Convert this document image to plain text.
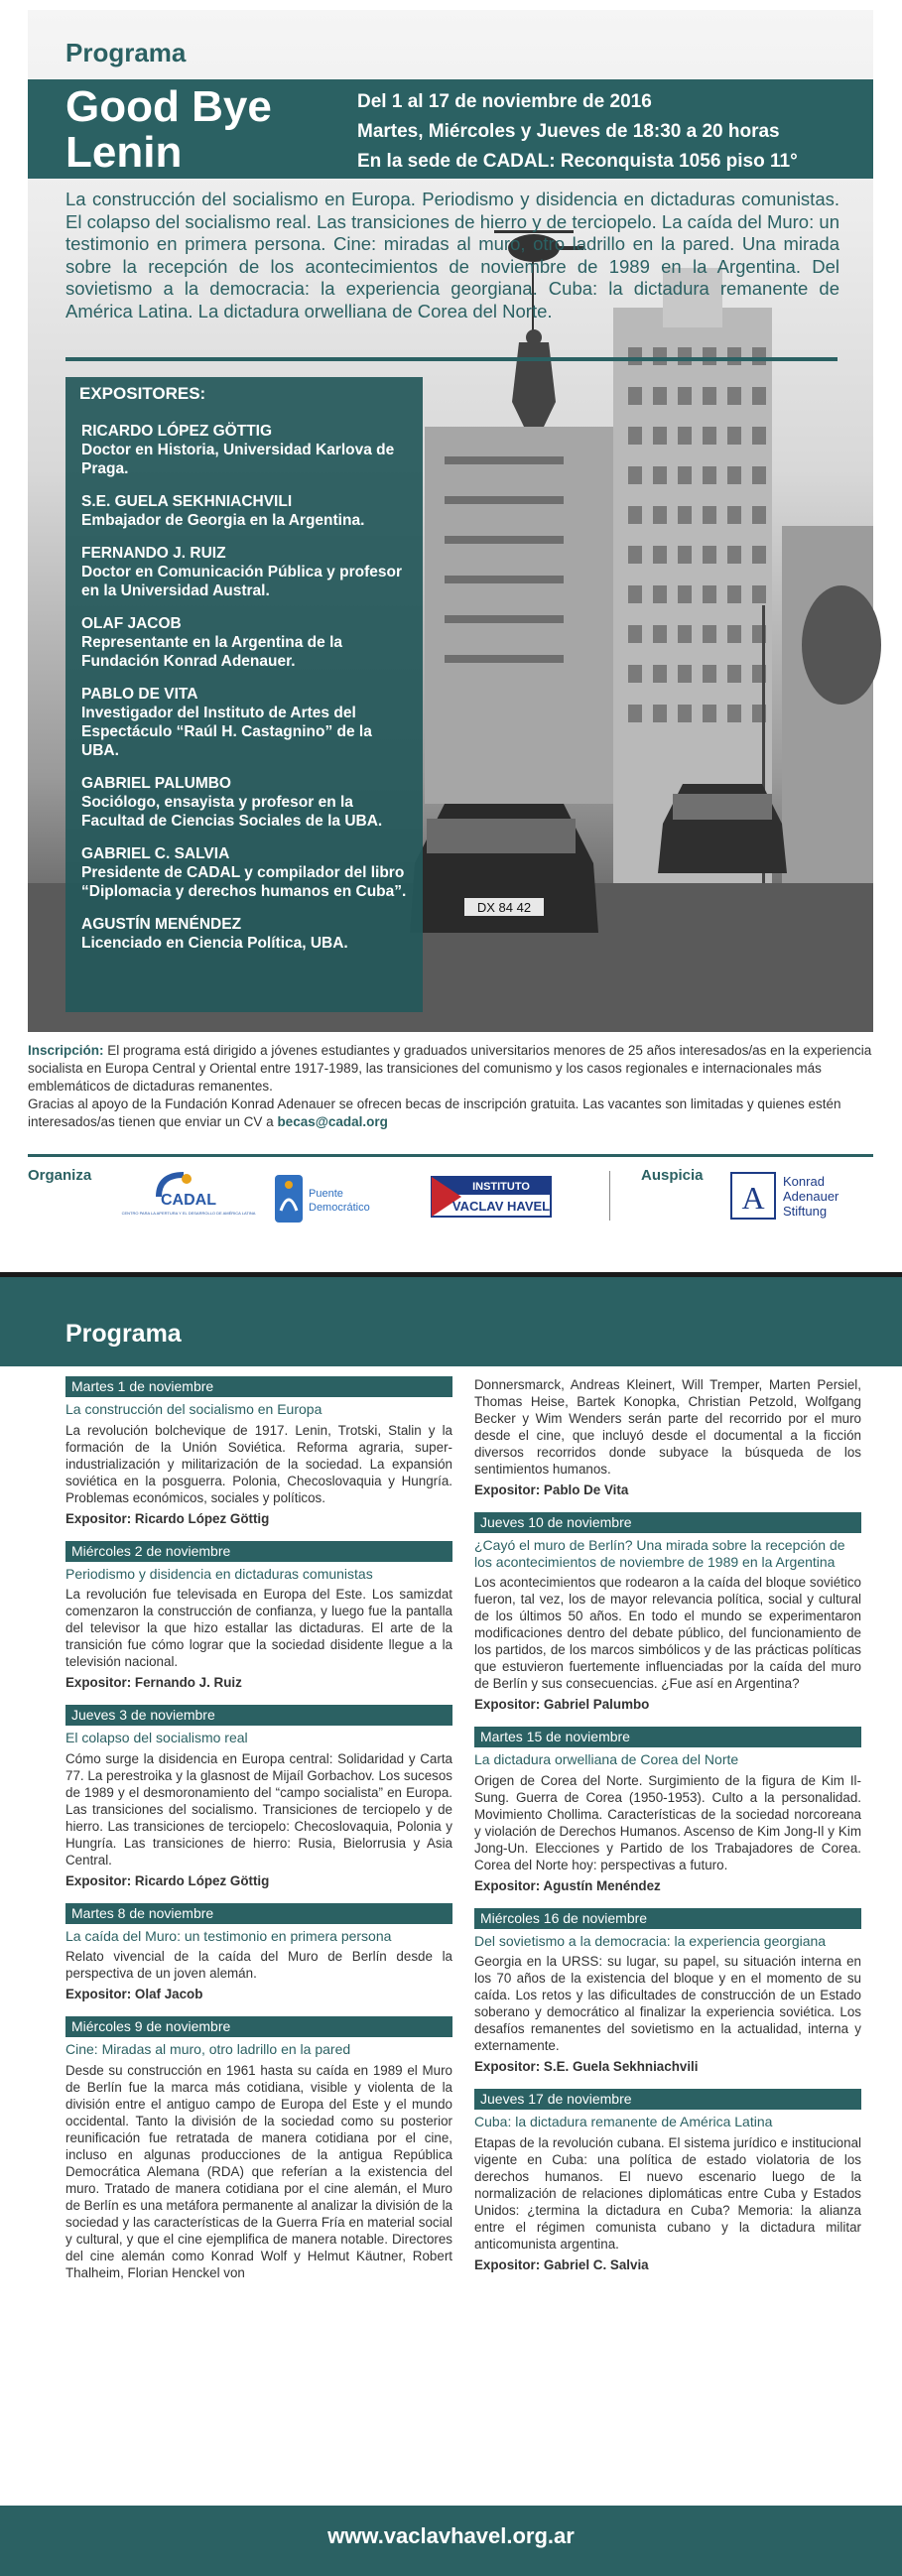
DX 84 42
Programa
Good Bye
Lenin
Del 1 al 17 de noviembre de 2016
Martes, Miércoles y Jueves de 18:30 a 20 horas
En la sede de CADAL: Reconquista 1056 piso 11°
La construcción del socialismo en Europa. Periodismo y disidencia en dictaduras comunistas. El colapso del socialismo real. Las transiciones de hierro y de terciopelo. La caída del Muro: un testimonio en primera persona. Cine: miradas al muro, otro ladrillo en la pared. Una mirada sobre la recepción de los acontecimientos de noviembre de 1989 en la Argentina. Del sovietismo a la democracia: la experiencia georgiana. Cuba: la dictadura remanente de América Latina. La dictadura orwelliana de Corea del Norte.
EXPOSITORES:
RICARDO LÓPEZ GÖTTIG
Doctor en Historia, Universidad Karlova de Praga.
S.E. GUELA SEKHNIACHVILI
Embajador de Georgia en la Argentina.
FERNANDO J. RUIZ
Doctor en Comunicación Pública y profesor en la Universidad Austral.
OLAF JACOB
Representante en la Argentina de la Fundación Konrad Adenauer.
PABLO DE VITA
Investigador del Instituto de Artes del Espectáculo “Raúl H. Castagnino” de la UBA.
GABRIEL PALUMBO
Sociólogo, ensayista y profesor en la Facultad de Ciencias Sociales de la UBA.
GABRIEL C. SALVIA
Presidente de CADAL y compilador del libro “Diplomacia y derechos humanos en Cuba”.
AGUSTÍN MENÉNDEZ
Licenciado en Ciencia Política, UBA.
Inscripción: El programa está dirigido a jóvenes estudiantes y graduados universitarios menores de 25 años interesados/as en la experiencia socialista en Europa Central y Oriental entre 1917-1989, las transiciones del comunismo y los casos regionales e internacionales más emblemáticos de dictaduras remanentes.
Gracias al apoyo de la Fundación Konrad Adenauer se ofrecen becas de inscripción gratuita. Las vacantes son limitadas y quienes estén interesados/as tienen que enviar un CV a becas@cadal.org
Organiza	Auspicia
CADAL
CENTRO PARA LA APERTURA Y EL DESARROLLO DE AMÉRICA LATINA
Puente
Democrático
INSTITUTO
VACLAV HAVEL	A Konrad
Adenauer
Stiftung
Programa
Martes 1 de noviembre
La construcción del socialismo en Europa
La revolución bolchevique de 1917. Lenin, Trotski, Stalin y la formación de la Unión Soviética. Reforma agraria, super-industrialización y militarización de la sociedad. La expansión soviética en la posguerra. Polonia, Checoslovaquia y Hungría. Problemas económicos, sociales y políticos.
Expositor: Ricardo López Göttig
Miércoles 2 de noviembre
Periodismo y disidencia en dictaduras comunistas
La revolución fue televisada en Europa del Este. Los samizdat comenzaron la construcción de confianza, y luego fue la pantalla del televisor la que hizo estallar las dictaduras. El arte de la transición fue cómo lograr que la sociedad disidente llegue a la televisión nacional.
Expositor: Fernando J. Ruiz
Jueves 3 de noviembre
El colapso del socialismo real
Cómo surge la disidencia en Europa central: Solidaridad y Carta 77. La perestroika y la glasnost de Mijaíl Gorbachov. Los sucesos de 1989 y el desmoronamiento del “campo socialista” en Europa. Las transiciones del socialismo. Transiciones de terciopelo y de hierro. Las transiciones de terciopelo: Checoslovaquia, Polonia y Hungría. Las transiciones de hierro: Rusia, Bielorrusia y Asia Central.
Expositor: Ricardo López Göttig
Martes 8 de noviembre
La caída del Muro: un testimonio en primera persona
Relato vivencial de la caída del Muro de Berlín desde la perspectiva de un joven alemán.
Expositor: Olaf Jacob
Miércoles 9 de noviembre
Cine: Miradas al muro, otro ladrillo en la pared
Desde su construcción en 1961 hasta su caída en 1989 el Muro de Berlín fue la marca más cotidiana, visible y violenta de la división entre el antiguo campo de Europa del Este y el mundo occidental. Tanto la división de la sociedad como su posterior reunificación fue retratada de manera cotidiana por el cine, incluso en algunas producciones de la antigua República Democrática Alemana (RDA) que referían a la existencia del muro. Tratado de manera cotidiana por el cine alemán, el Muro de Berlín es una metáfora permanente al analizar la división de la sociedad y las características de la Guerra Fría en material social y cultural, y que el cine ejemplifica de manera notable. Directores del cine alemán como Konrad Wolf y Helmut Käutner, Robert Thalheim, Florian Henckel von
Donnersmarck, Andreas Kleinert, Will Tremper, Marten Persiel, Thomas Heise, Bartek Konopka, Christian Petzold, Wolfgang Becker y Wim Wenders serán parte del recorrido por el muro desde el cine, que incluyó desde el documental a la ficción diversos recorridos donde subyace la búsqueda de los sentimientos humanos.
Expositor: Pablo De Vita
Jueves 10 de noviembre
¿Cayó el muro de Berlín? Una mirada sobre la recepción de los acontecimientos de noviembre de 1989 en la Argentina
Los acontecimientos que rodearon a la caída del bloque soviético fueron, tal vez, los de mayor relevancia política, social y cultural de los últimos 50 años. En todo el mundo se experimentaron modificaciones dentro del debate público, del funcionamiento de los partidos, de los marcos simbólicos y de las prácticas políticas que estuvieron fuertemente influenciadas por la caída del muro de Berlín y sus consecuencias. ¿Fue así en Argentina?
Expositor: Gabriel Palumbo
Martes 15 de noviembre
La dictadura orwelliana de Corea del Norte
Origen de Corea del Norte. Surgimiento de la figura de Kim Il-Sung. Guerra de Corea (1950-1953). Culto a la personalidad. Movimiento Chollima. Características de la sociedad norcoreana y violación de Derechos Humanos. Ascenso de Kim Jong-Il y Kim Jong-Un. Elecciones y Partido de los Trabajadores de Corea. Corea del Norte hoy: perspectivas a futuro.
Expositor: Agustín Menéndez
Miércoles 16 de noviembre
Del sovietismo a la democracia: la experiencia georgiana
Georgia en la URSS: su lugar, su papel, su situación interna en los 70 años de la existencia del bloque y en el momento de su caída. Los retos y las dificultades de construcción de un Estado soberano y democrático al finalizar la experiencia soviética. Los desafíos remanentes del sovietismo en la actualidad, interna y externamente.
Expositor: S.E. Guela Sekhniachvili
Jueves 17 de noviembre
Cuba: la dictadura remanente de América Latina
Etapas de la revolución cubana. El sistema jurídico e institucional vigente en Cuba: una política de estado violatoria de los derechos humanos. El nuevo escenario luego de la normalización de relaciones diplomáticas entre Cuba y Estados Unidos: ¿termina la dictadura en Cuba? Memoria: la alianza entre el régimen comunista cubano y la dictadura militar anticomunista argentina.
Expositor: Gabriel C. Salvia
www.vaclavhavel.org.ar
